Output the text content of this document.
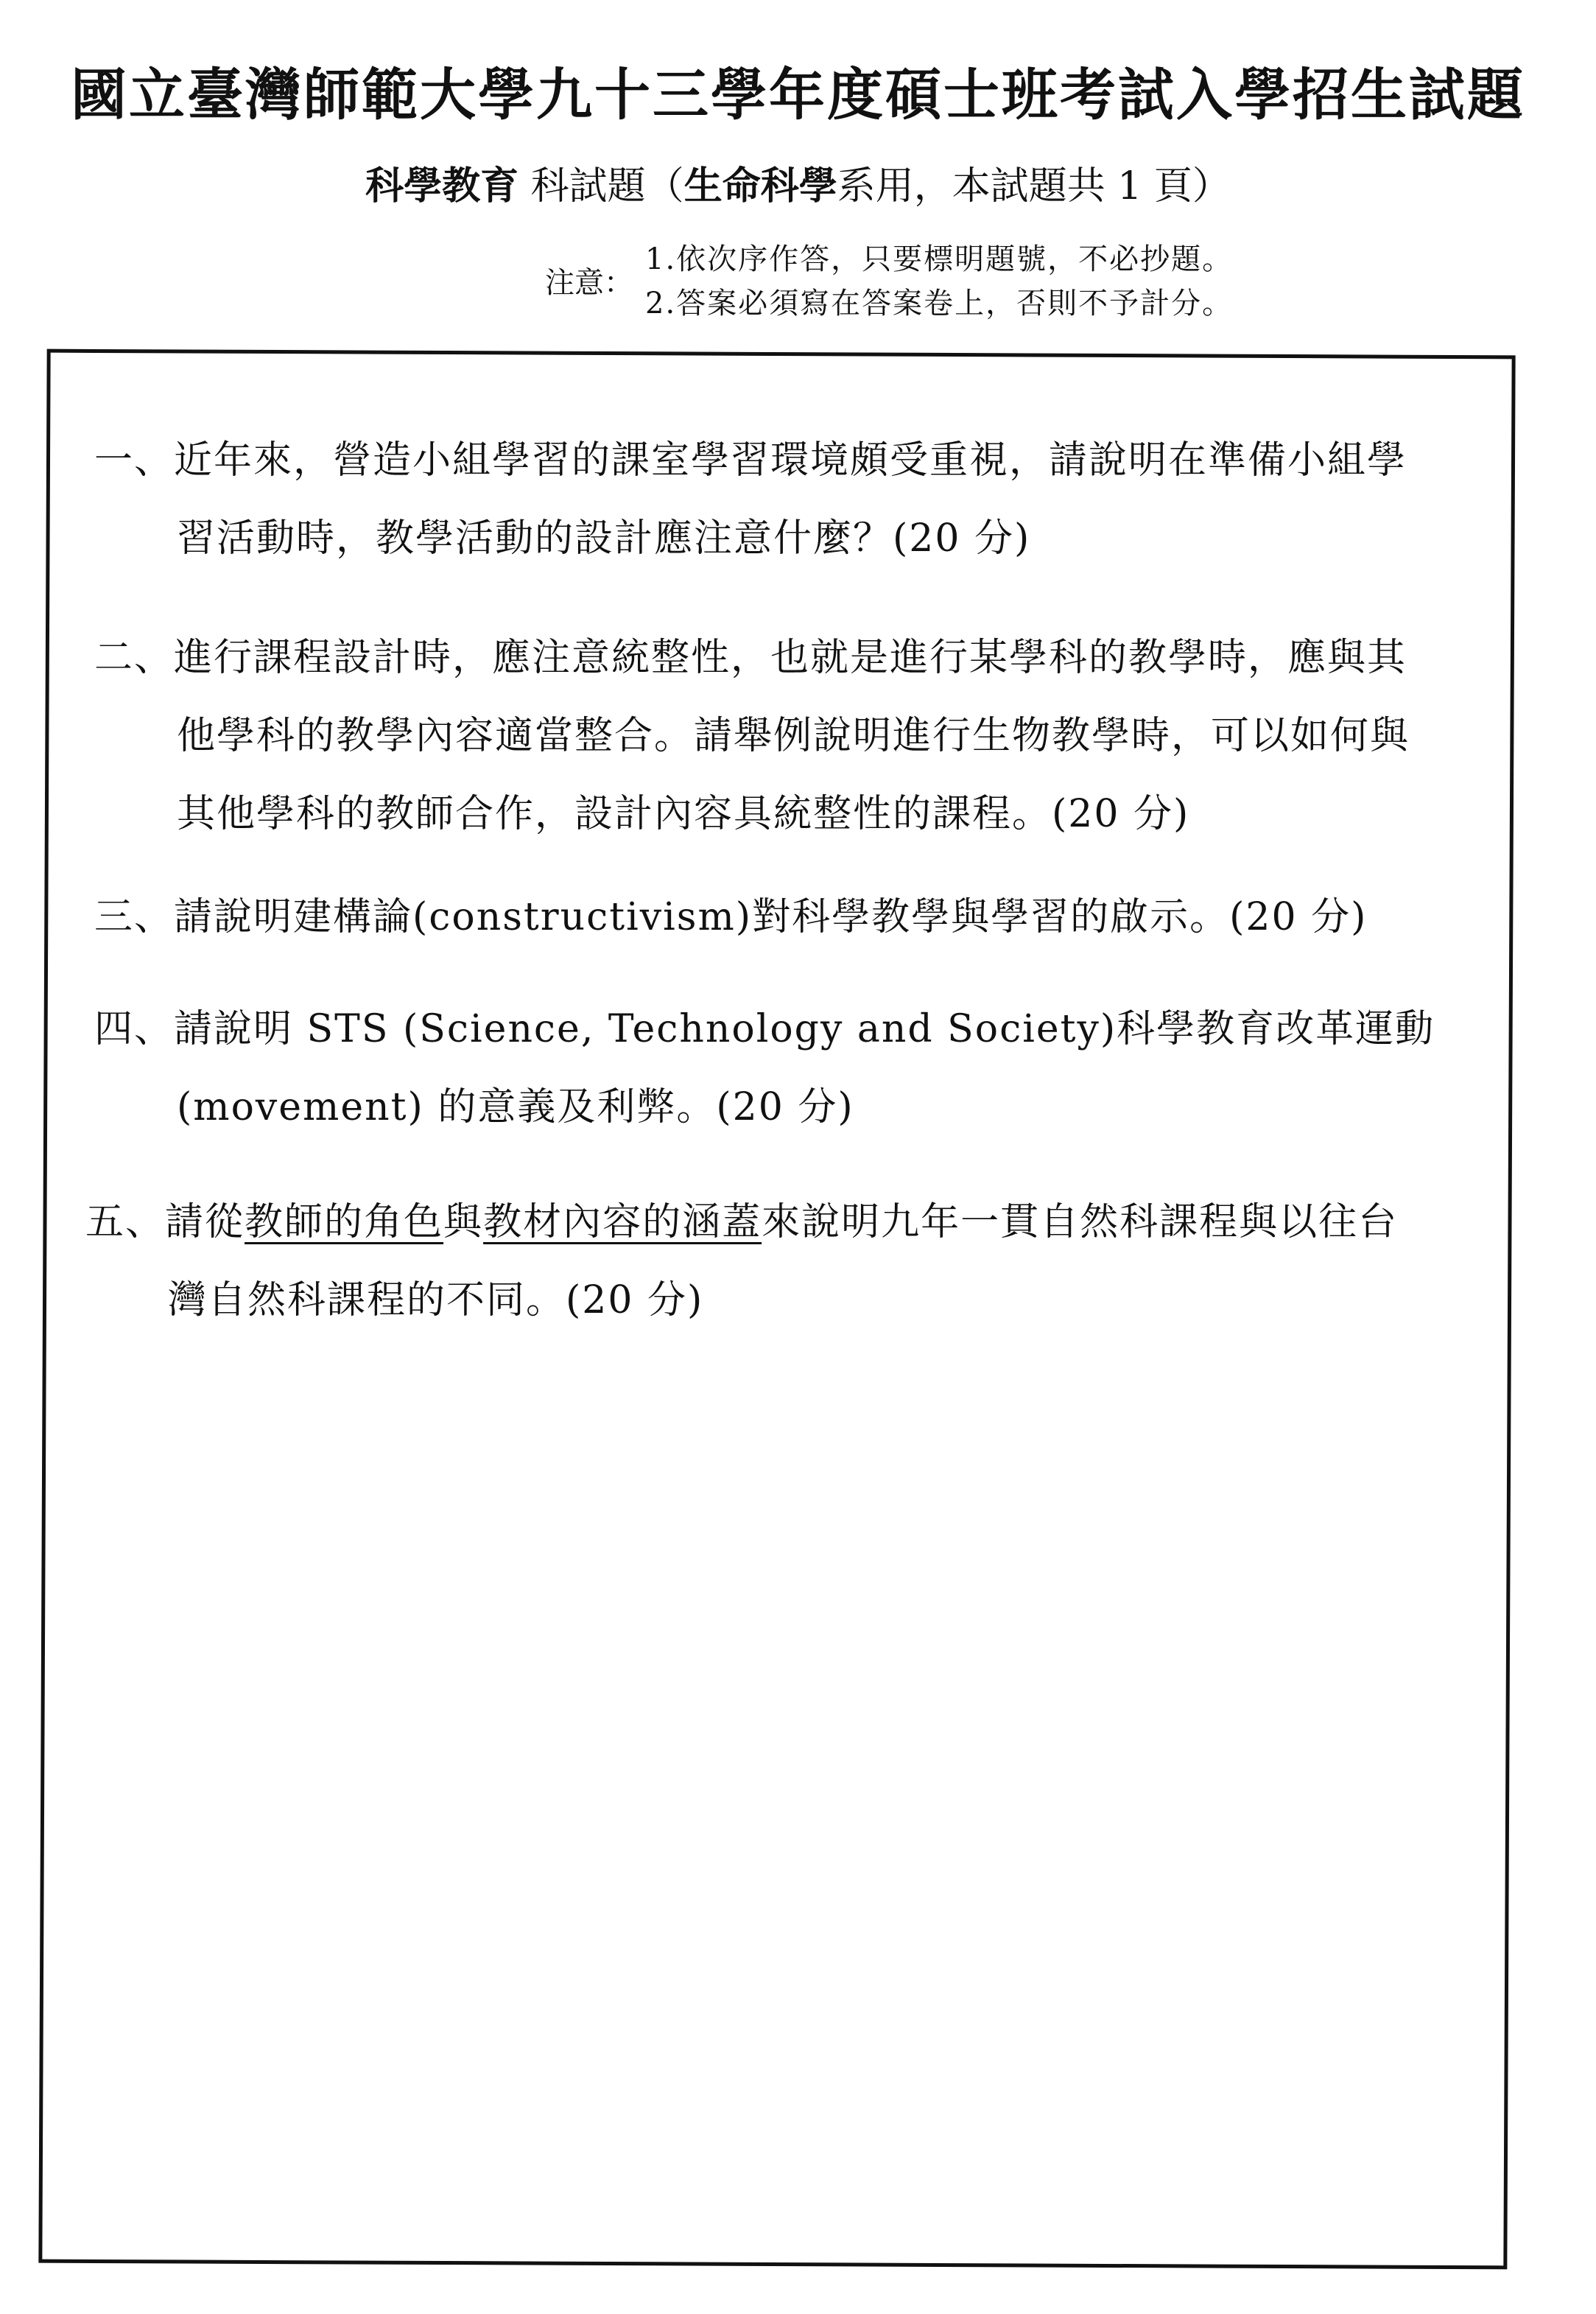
國立臺灣師範大學九十三學年度碩士班考試入學招生試題
科學教育 科試題（生命科學系用，本試題共 1 頁）
注意：
1.依次序作答，只要標明題號，不必抄題。
2.答案必須寫在答案卷上，否則不予計分。
一、近年來，營造小組學習的課室學習環境頗受重視，請說明在準備小組學
習活動時，教學活動的設計應注意什麼？(20 分)
二、進行課程設計時，應注意統整性，也就是進行某學科的教學時，應與其
他學科的教學內容適當整合。請舉例說明進行生物教學時，可以如何與
其他學科的教師合作，設計內容具統整性的課程。(20 分)
三、請說明建構論(constructivism)對科學教學與學習的啟示。(20 分)
四、請說明 STS (Science, Technology and Society)科學教育改革運動
(movement) 的意義及利弊。(20 分)
五、請從教師的角色與教材內容的涵蓋來說明九年一貫自然科課程與以往台
灣自然科課程的不同。(20 分)
